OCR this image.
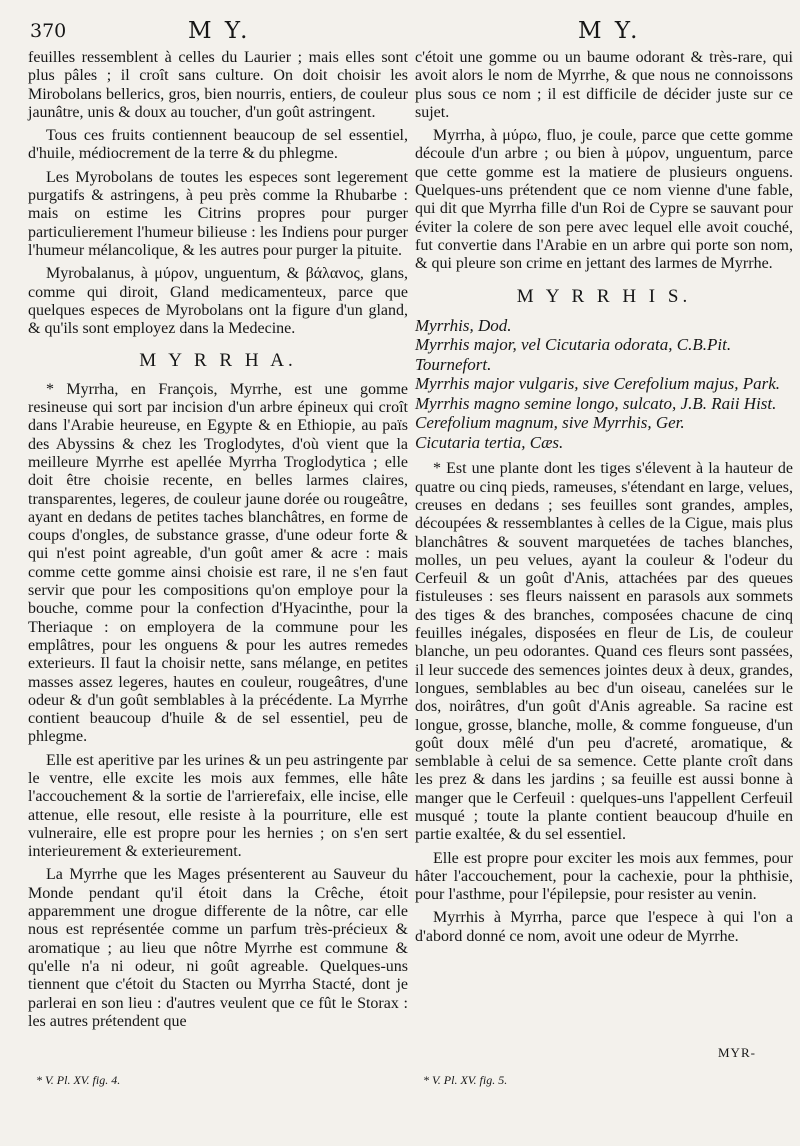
370	M Y.	M Y.

feuilles ressemblent à celles du Laurier ; mais elles sont plus pâles ; il croît sans culture. On doit choisir les Mirobolans bellerics, gros, bien nourris, entiers, de couleur jaunâtre, unis & doux au toucher, d'un goût astringent.

Tous ces fruits contiennent beaucoup de sel essentiel, d'huile, médiocrement de la terre & du phlegme.

Les Myrobolans de toutes les especes sont legerement purgatifs & astringens, à peu près comme la Rhubarbe : mais on estime les Citrins propres pour purger particulierement l'humeur bilieuse : les Indiens pour purger l'humeur mélancolique, & les autres pour purger la pituite.

Myrobalanus, à μύρον, unguentum, & βάλανος, glans, comme qui diroit, Gland medicamenteux, parce que quelques especes de Myrobolans ont la figure d'un gland, & qu'ils sont employez dans la Medecine.

M Y R R H A.

* Myrrha, en François, Myrrhe, est une gomme resineuse qui sort par incision d'un arbre épineux qui croît dans l'Arabie heureuse, en Egypte & en Ethiopie, au païs des Abyssins & chez les Troglodytes, d'où vient que la meilleure Myrrhe est apellée Myrrha Troglodytica ; elle doit être choisie recente, en belles larmes claires, transparentes, legeres, de couleur jaune dorée ou rougeâtre, ayant en dedans de petites taches blanchâtres, en forme de coups d'ongles, de substance grasse, d'une odeur forte & qui n'est point agreable, d'un goût amer & acre : mais comme cette gomme ainsi choisie est rare, il ne s'en faut servir que pour les compositions qu'on employe pour la bouche, comme pour la confection d'Hyacinthe, pour la Theriaque : on employera de la commune pour les emplâtres, pour les onguens & pour les autres remedes exterieurs. Il faut la choisir nette, sans mélange, en petites masses assez legeres, hautes en couleur, rougeâtres, d'une odeur & d'un goût semblables à la précédente. La Myrrhe contient beaucoup d'huile & de sel essentiel, peu de phlegme.

Elle est aperitive par les urines & un peu astringente par le ventre, elle excite les mois aux femmes, elle hâte l'accouchement & la sortie de l'arrierefaix, elle incise, elle attenue, elle resout, elle resiste à la pourriture, elle est vulneraire, elle est propre pour les hernies ; on s'en sert interieurement & exterieurement.

La Myrrhe que les Mages présenterent au Sauveur du Monde pendant qu'il étoit dans la Crêche, étoit apparemment une drogue differente de la nôtre, car elle nous est représentée comme un parfum très-précieux & aromatique ; au lieu que nôtre Myrrhe est commune & qu'elle n'a ni odeur, ni goût agreable. Quelques-uns tiennent que c'étoit du Stacten ou Myrrha Stacté, dont je parlerai en son lieu : d'autres veulent que ce fût le Storax : les autres prétendent que

c'étoit une gomme ou un baume odorant & très-rare, qui avoit alors le nom de Myrrhe, & que nous ne connoissons plus sous ce nom ; il est difficile de décider juste sur ce sujet.

Myrrha, à μύρω, fluo, je coule, parce que cette gomme découle d'un arbre ; ou bien à μύρον, unguentum, parce que cette gomme est la matiere de plusieurs onguens. Quelques-uns prétendent que ce nom vienne d'une fable, qui dit que Myrrha fille d'un Roi de Cypre se sauvant pour éviter la colere de son pere avec lequel elle avoit couché, fut convertie dans l'Arabie en un arbre qui porte son nom, & qui pleure son crime en jettant des larmes de Myrrhe.

M Y R R H I S.

Myrrhis, Dod.

Myrrhis major, vel Cicutaria odorata, C.B.Pit. Tournefort.

Myrrhis major vulgaris, sive Cerefolium majus, Park.

Myrrhis magno semine longo, sulcato, J.B. Raii Hist.

Cerefolium magnum, sive Myrrhis, Ger.

Cicutaria tertia, Cæs.

* Est une plante dont les tiges s'élevent à la hauteur de quatre ou cinq pieds, rameuses, s'étendant en large, velues, creuses en dedans ; ses feuilles sont grandes, amples, découpées & ressemblantes à celles de la Cigue, mais plus blanchâtres & souvent marquetées de taches blanches, molles, un peu velues, ayant la couleur & l'odeur du Cerfeuil & un goût d'Anis, attachées par des queues fistuleuses : ses fleurs naissent en parasols aux sommets des tiges & des branches, composées chacune de cinq feuilles inégales, disposées en fleur de Lis, de couleur blanche, un peu odorantes. Quand ces fleurs sont passées, il leur succede des semences jointes deux à deux, grandes, longues, semblables au bec d'un oiseau, canelées sur le dos, noirâtres, d'un goût d'Anis agreable. Sa racine est longue, grosse, blanche, molle, & comme fongueuse, d'un goût doux mêlé d'un peu d'acreté, aromatique, & semblable à celui de sa semence. Cette plante croît dans les prez & dans les jardins ; sa feuille est aussi bonne à manger que le Cerfeuil : quelques-uns l'appellent Cerfeuil musqué ; toute la plante contient beaucoup d'huile en partie exaltée, & du sel essentiel.

Elle est propre pour exciter les mois aux femmes, pour hâter l'accouchement, pour la cachexie, pour la phthisie, pour l'asthme, pour l'épilepsie, pour resister au venin.

Myrrhis à Myrrha, parce que l'espece à qui l'on a d'abord donné ce nom, avoit une odeur de Myrrhe.

MYR-
* V. Pl. XV. fig. 4.	* V. Pl. XV. fig. 5.
